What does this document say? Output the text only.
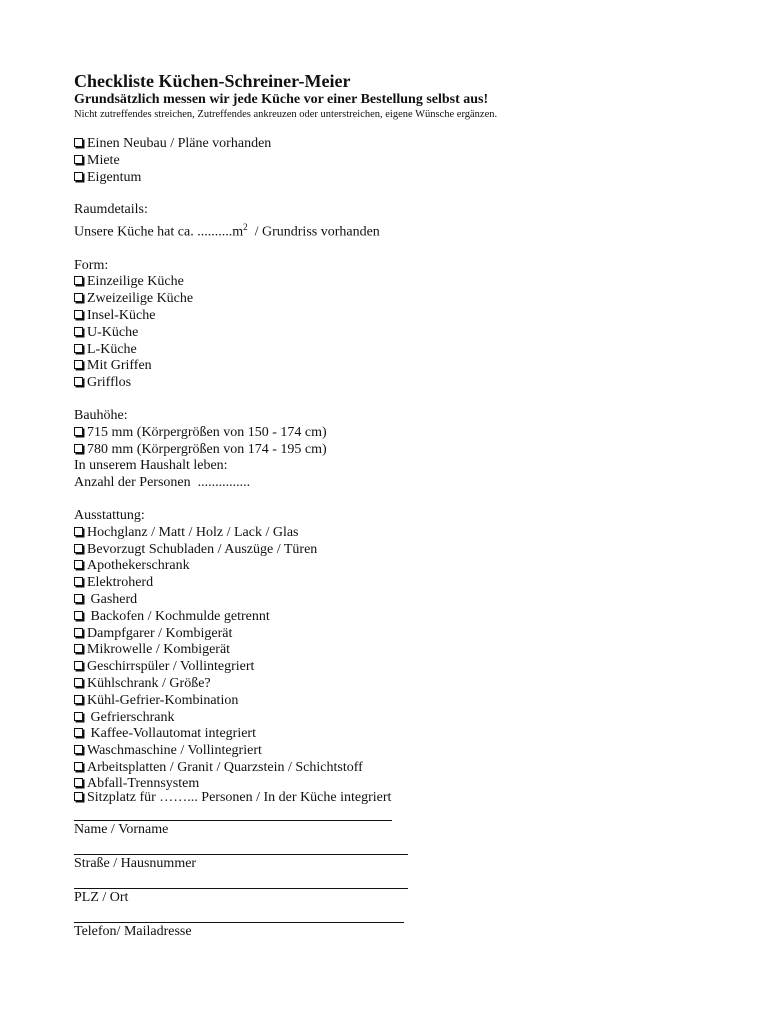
Checkliste Küchen-Schreiner-Meier

Grundsätzlich messen wir jede Küche vor einer Bestellung selbst aus!

Nicht zutreffendes streichen, Zutreffendes ankreuzen oder unterstreichen, eigene Wünsche ergänzen.

Einen Neubau / Pläne vorhanden
Miete
Eigentum
Raumdetails:
Unsere Küche hat ca. $..........m^2$  / Grundriss vorhanden
Form:
Einzeilige Küche
Zweizeilige Küche
Insel-Küche
U-Küche
L-Küche
Mit Griffen
Grifflos
Bauhöhe:
715 mm (Körpergrößen von 150 - 174 cm)
780 mm (Körpergrößen von 174 - 195 cm)
In unserem Haushalt leben:
Anzahl der Personen  ...............
Ausstattung:
Hochglanz / Matt / Holz / Lack / Glas
Bevorzugt Schubladen / Auszüge / Türen
Apothekerschrank
Elektroherd
Gasherd
Backofen / Kochmulde getrennt
Dampfgarer / Kombigerät
Mikrowelle / Kombigerät
Geschirrspüler / Vollintegriert
Kühlschrank / Größe?
Kühl-Gefrier-Kombination
Gefrierschrank
Kaffee-Vollautomat integriert
Waschmaschine / Vollintegriert
Arbeitsplatten / Granit / Quarzstein / Schichtstoff
Abfall-Trennsystem
Sitzplatz für ……... Personen / In der Küche integriert
Name / Vorname
Straße / Hausnummer
PLZ / Ort
Telefon/ Mailadresse
